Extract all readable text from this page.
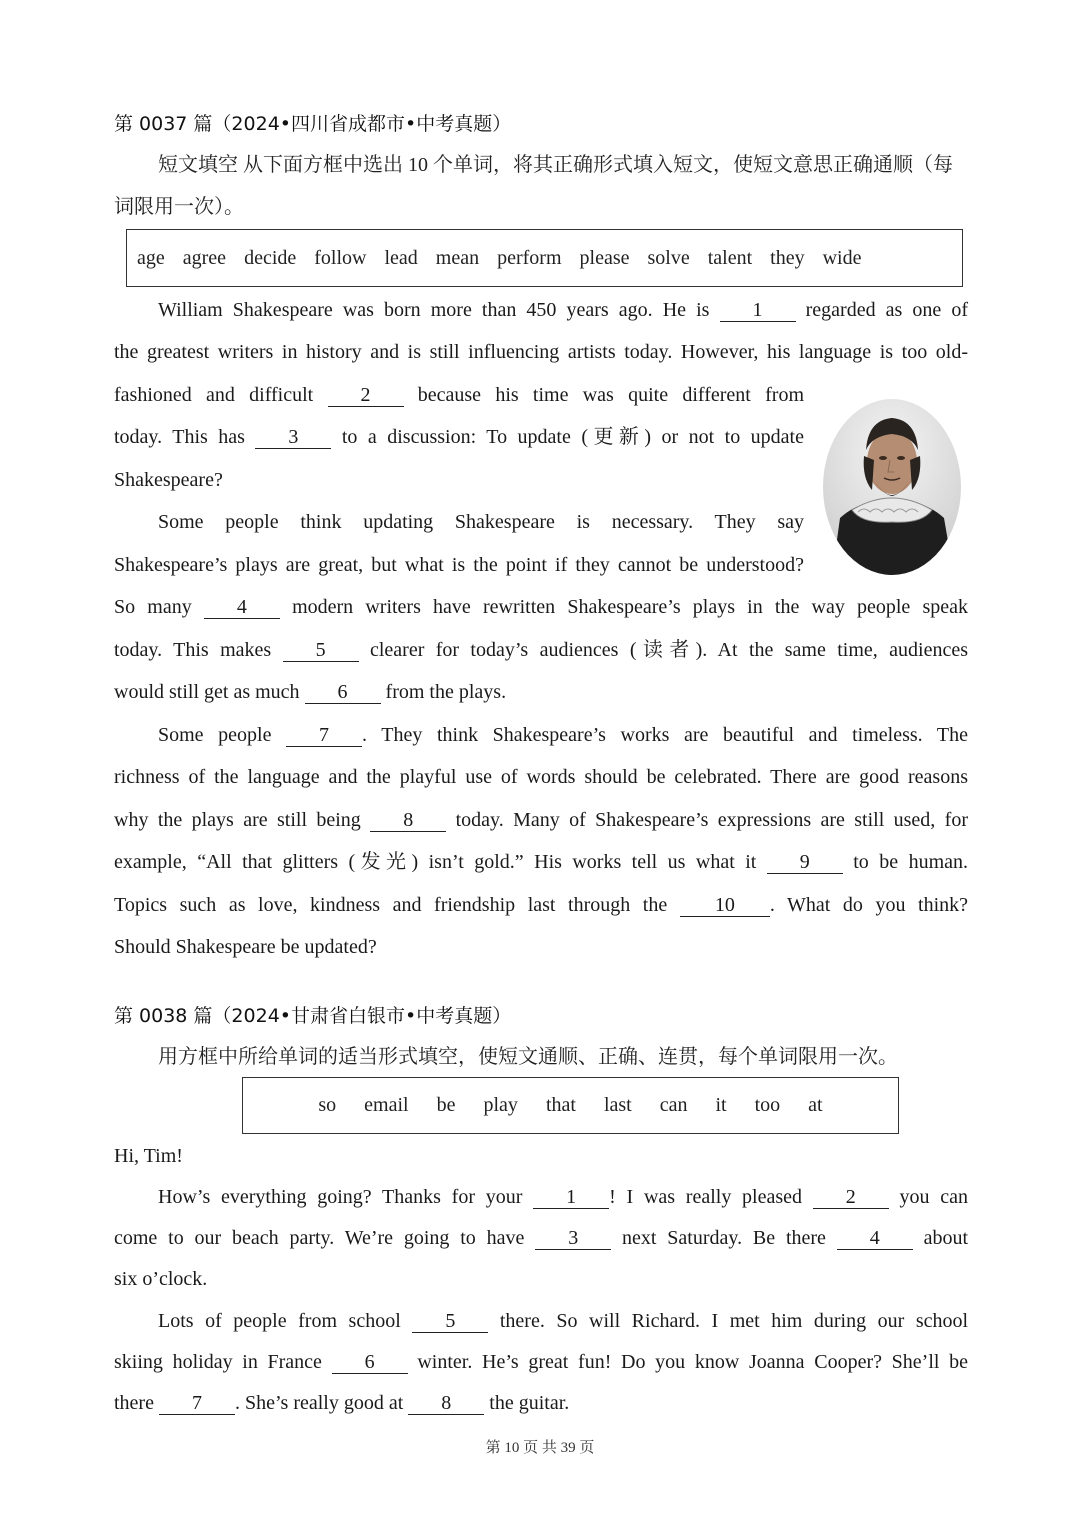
第 0037 篇（2024•四川省成都市•中考真题）
短文填空 从下面方框中选出 10 个单词，将其正确形式填入短文，使短文意思正确通顺（每词限用一次）。
age agree decide follow lead mean perform please solve talent they wide
William Shakespeare was born more than 450 years ago. He is 1 regarded as one of
the greatest writers in history and is still influencing artists today. However, his language is too old-
fashioned and difficult 2 because his time was quite different from
today. This has 3 to a discussion: To update (更新) or not to update
Shakespeare?
Some people think updating Shakespeare is necessary. They say
Shakespeare’s plays are great, but what is the point if they cannot be understood?
So many 4 modern writers have rewritten Shakespeare’s plays in the way people speak
today. This makes 5 clearer for today’s audiences (读者). At the same time, audiences
would still get as much 6 from the plays.
Some people 7 . They think Shakespeare’s works are beautiful and timeless. The
richness of the language and the playful use of words should be celebrated. There are good reasons
why the plays are still being 8 today. Many of Shakespeare’s expressions are still used, for
example, “All that glitters (发光) isn’t gold.” His works tell us what it 9 to be human.
Topics such as love, kindness and friendship last through the 10 . What do you think?
Should Shakespeare be updated?
第 0038 篇（2024•甘肃省白银市•中考真题）
用方框中所给单词的适当形式填空，使短文通顺、正确、连贯，每个单词限用一次。
so email be play that last can it too at
Hi, Tim!
How’s everything going? Thanks for your 1 ! I was really pleased 2 you can
come to our beach party. We’re going to have 3 next Saturday. Be there 4 about
six o’clock.
Lots of people from school 5 there. So will Richard. I met him during our school
skiing holiday in France 6 winter. He’s great fun! Do you know Joanna Cooper? She’ll be
there 7 . She’s really good at 8 the guitar.
第 10 页 共 39 页
